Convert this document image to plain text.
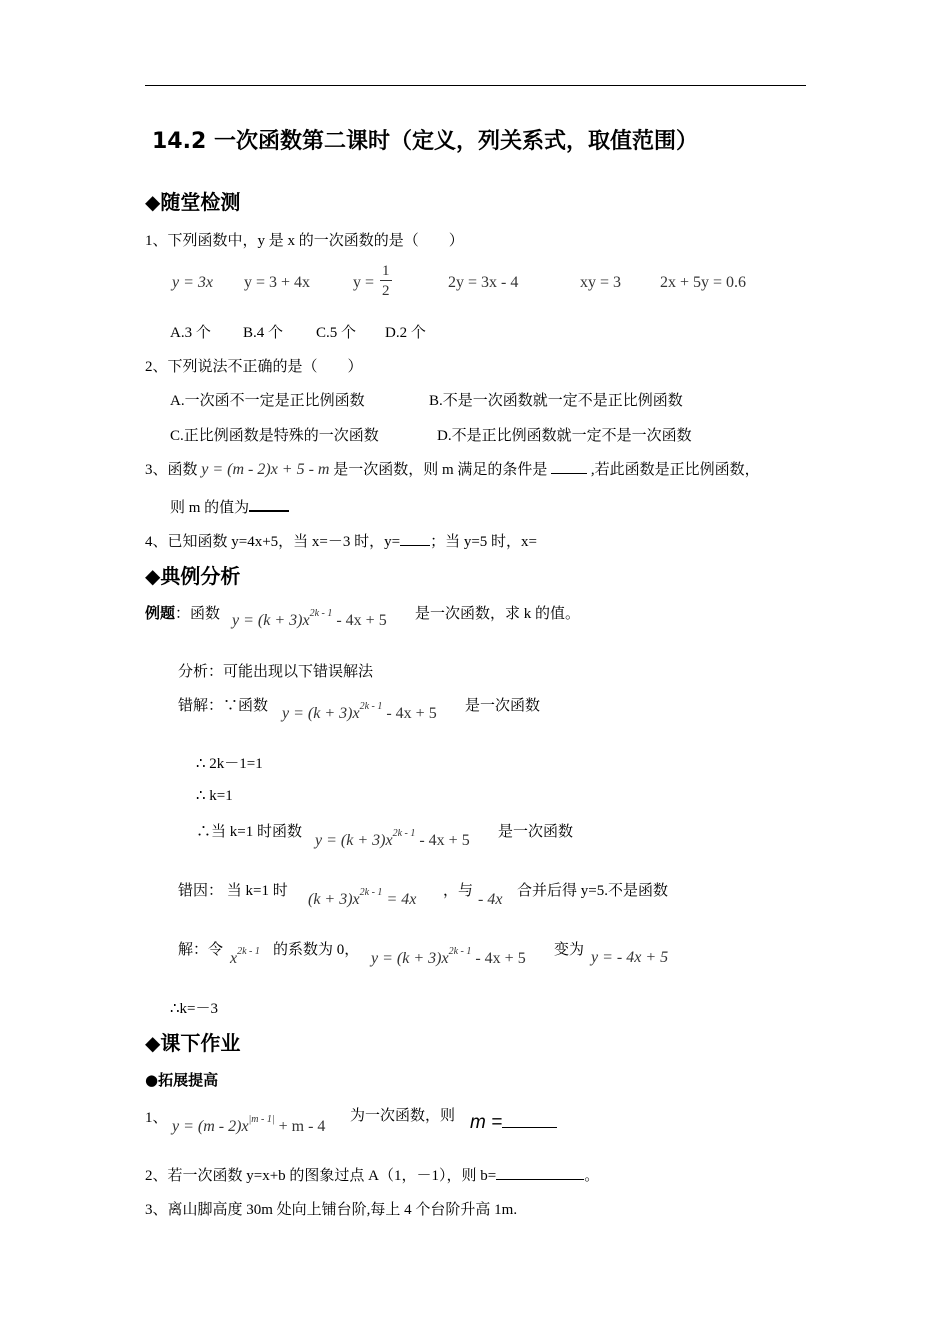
14.2 一次函数第二课时（定义，列关系式，取值范围）
◆随堂检测
1、下列函数中，y 是 x 的一次函数的是（　　）
y = 3x y = 3 + 4x	$y = \frac{1}{2}$	2y = 3x - 4	xy = 3 2x + 5y = 0.6
A.3 个 B.4 个 C.5 个 D.2 个
2、下列说法不正确的是（　　）
A.一次函不一定是正比例函数	B.不是一次函数就一定不是正比例函数
C.正比例函数是特殊的一次函数	D.不是正比例函数就一定不是一次函数
3、函数 y = (m - 2)x + 5 - m 是一次函数，则 m 满足的条件是	,若此函数是正比例函数，
则 m 的值为
4、已知函数 y=4x+5，当 x=－3 时，y= ；当 y=5 时，x=
◆典例分析
例题：函数 $y = (k + 3)x^{2k - 1} - 4x + 5$ 是一次函数，求 k 的值。
分析：可能出现以下错误解法
错解：∵函数 $y = (k + 3)x^{2k - 1} - 4x + 5$ 是一次函数
∴ 2k－1=1
∴ k=1
∴当 k=1 时函数 $y = (k + 3)x^{2k - 1} - 4x + 5$ 是一次函数
错因： 当 k=1 时 $(k + 3)x^{2k - 1} = 4x$ ，与 - 4x 合并后得 y=5.不是函数
解：令 $x^{2k - 1}$ 的系数为 0， $y = (k + 3)x^{2k - 1} - 4x + 5$ 变为 y = - 4x + 5
∴k=－3
◆课下作业
●拓展提高
1、 $y = (m - 2)x^{|m - 1|} + m - 4$
为一次函数，则 m =
2、若一次函数 y=x+b 的图象过点 A（1，－1），则 b=	。
3、离山脚高度 30m 处向上铺台阶,每上 4 个台阶升高 1m.
